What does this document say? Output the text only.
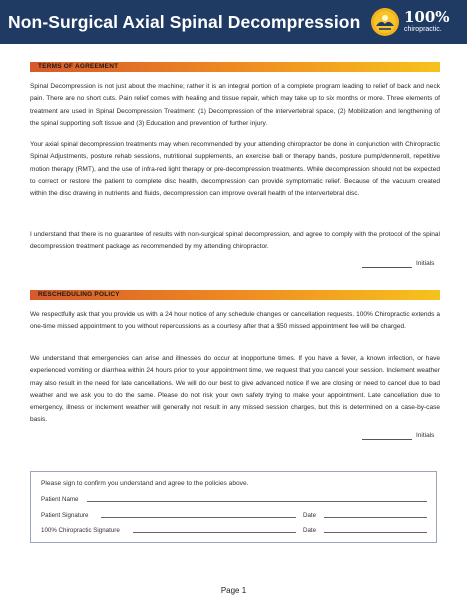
Non-Surgical Axial Spinal Decompression	100%
chiropractic.
TERMS OF AGREEMENT

Spinal Decompression is not just about the machine; rather it is an integral portion of a complete program leading to relief of back and neck pain. There are no short cuts. Pain relief comes with healing and tissue repair, which may take up to six months or more. Three elements of treatment are used in Spinal Decompression Treatment: (1) Decompression of the intervertebral space, (2) Mobilization and lengthening of the spinal supporting soft tissue and (3) Education and prevention of further injury.

Your axial spinal decompression treatments may when recommended by your attending chiropractor be done in conjunction with Chiropractic Spinal Adjustments, posture rehab sessions, nutritional supplements, an exercise ball or therapy bands, posture pump/denneroll, repetitive motion therapy (RMT), and the use of infra-red light therapy or pre-decompression treatments. While decompression should not be expected to correct or restore the patient to complete disc health, decompression can provide symptomatic relief. Because of the vacuum created within the disc drawing in nutrients and fluids, decompression can improve overall health of the intervertebral disc.

I understand that there is no guarantee of results with non-surgical spinal decompression, and agree to comply with the protocol of the spinal decompression treatment package as recommended by my attending chiropractor.

Initials
RESCHEDULING POLICY

We respectfully ask that you provide us with a 24 hour notice of any schedule changes or cancellation requests. 100% Chiropractic extends a one-time missed appointment to you without repercussions as a courtesy after that a $50 missed appointment fee will be charged.

We understand that emergencies can arise and illnesses do occur at inopportune times. If you have a fever, a known infection, or have experienced vomiting or diarrhea within 24 hours prior to your appointment time, we request that you cancel your session. Inclement weather may also result in the need for late cancellations. We will do our best to give advanced notice if we are closing or need to cancel due to bad weather and we ask you to do the same. Please do not risk your own safety trying to make your appointment. Late cancellation due to emergency, illness or inclement weather will generally not result in any missed session charges, but this is determined on a case-by-case basis.

Initials
Please sign to confirm you understand and agree to the policies above.
Patient Name
Patient Signature	Date
100% Chiropractic Signature	Date
Page 1
